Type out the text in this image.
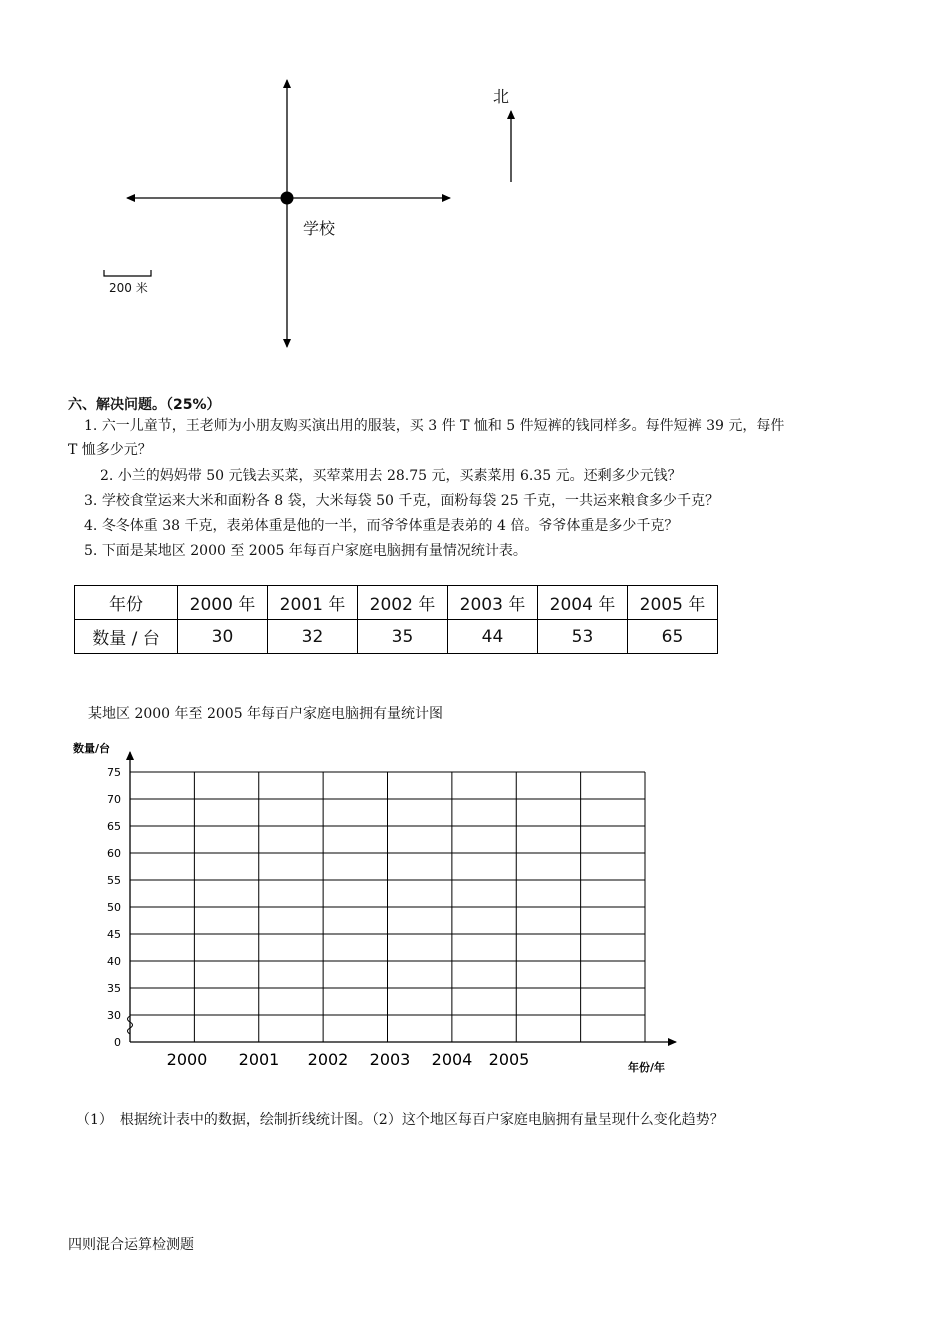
北
学校
200 米
六、解决问题。（25%）
1. 六一儿童节，王老师为小朋友购买演出用的服装，买 3 件 T 恤和 5 件短裤的钱同样多。每件短裤 39 元，每件
T 恤多少元？
2. 小兰的妈妈带 50 元钱去买菜，买荤菜用去 28.75 元，买素菜用 6.35 元。还剩多少元钱？
3. 学校食堂运来大米和面粉各 8 袋，大米每袋 50 千克，面粉每袋 25 千克，一共运来粮食多少千克？
4. 冬冬体重 38 千克，表弟体重是他的一半，而爷爷体重是表弟的 4 倍。爷爷体重是多少千克？
5. 下面是某地区 2000 至 2005 年每百户家庭电脑拥有量情况统计表。
年份	2000 年	2001 年	2002 年	2003 年	2004 年	2005 年
数量 / 台	30	32	35	44	53	65
某地区 2000 年至 2005 年每百户家庭电脑拥有量统计图
数量/台
年份/年
75
70
65
60
55
50
45
40
35
30
0
2000 2001 2002 2003 2004 2005
（1）　根据统计表中的数据，绘制折线统计图。（2）这个地区每百户家庭电脑拥有量呈现什么变化趋势？
四则混合运算检测题
